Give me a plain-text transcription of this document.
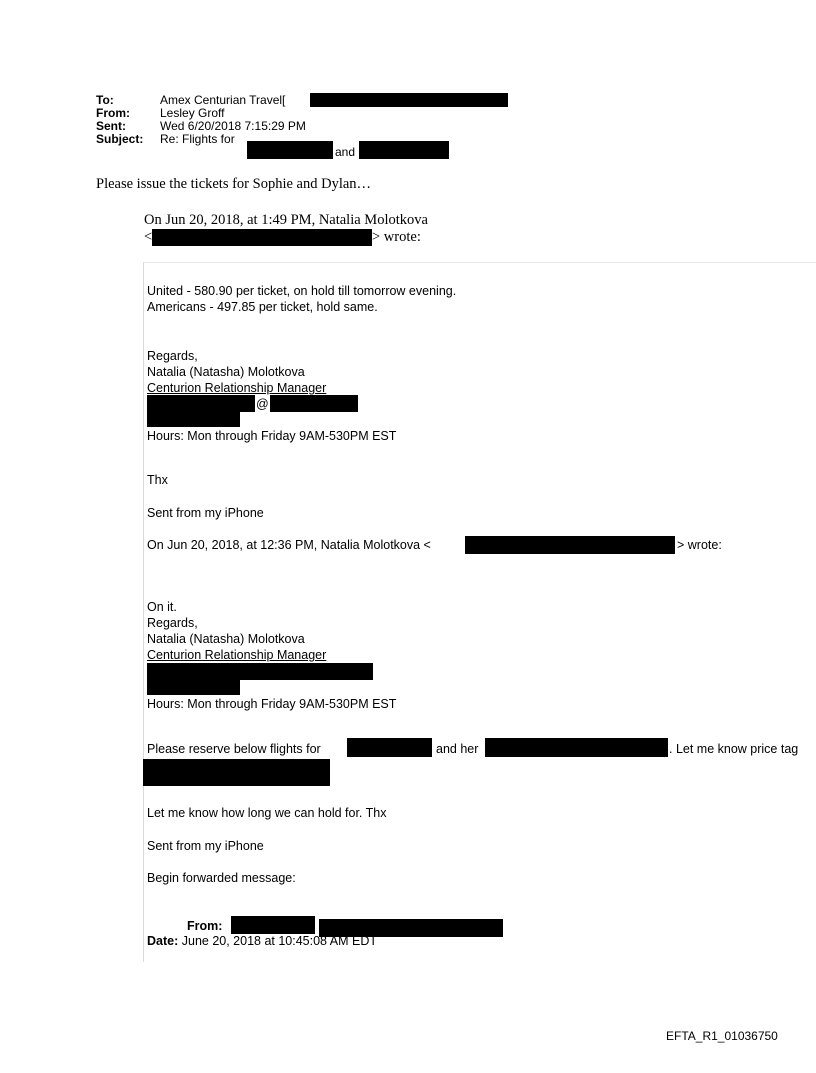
To:	Amex Centurian Travel[
From:	Lesley Groff
Sent:	Wed 6/20/2018 7:15:29 PM
Subject: Re: Flights for
and
Please issue the tickets for Sophie and Dylan…
On Jun 20, 2018, at 1:49 PM, Natalia Molotkova
<	> wrote:
United - 580.90 per ticket, on hold till tomorrow evening.
Americans - 497.85 per ticket, hold same.
Regards,
Natalia (Natasha) Molotkova
Centurion Relationship Manager
@
Hours: Mon through Friday 9AM-530PM EST
Thx
Sent from my iPhone
On Jun 20, 2018, at 12:36 PM, Natalia Molotkova <	> wrote:
On it.
Regards,
Natalia (Natasha) Molotkova
Centurion Relationship Manager
Hours: Mon through Friday 9AM-530PM EST
Please reserve below flights for	and her	. Let me know price tag
Let me know how long we can hold for. Thx
Sent from my iPhone
Begin forwarded message:
From:
Date: June 20, 2018 at 10:45:08 AM EDT
EFTA_R1_01036750
